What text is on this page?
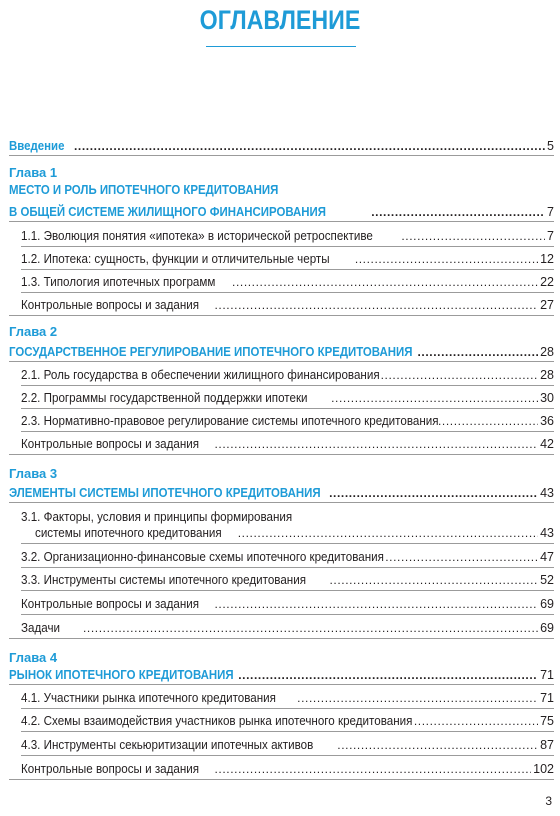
ОГЛАВЛЕНИЕ
Введение .....	5
Глава 1
МЕСТО И РОЛЬ ИПОТЕЧНОГО КРЕДИТОВАНИЯ
В ОБЩЕЙ СИСТЕМЕ ЖИЛИЩНОГО ФИНАНСИРОВАНИЯ .....	7
1.1. Эволюция понятия «ипотека» в исторической ретроспективе .....	7
1.2. Ипотека: сущность, функции и отличительные черты .....	12
1.3. Типология ипотечных программ .....	22
Контрольные вопросы и задания .....	27
Глава 2
ГОСУДАРСТВЕННОЕ РЕГУЛИРОВАНИЕ ИПОТЕЧНОГО КРЕДИТОВАНИЯ .....	28
2.1. Роль государства в обеспечении жилищного финансирования .....	28
2.2. Программы государственной поддержки ипотеки .....	30
2.3. Нормативно-правовое регулирование системы ипотечного кредитования .....	36
Контрольные вопросы и задания .....	42
Глава 3
ЭЛЕМЕНТЫ СИСТЕМЫ ИПОТЕЧНОГО КРЕДИТОВАНИЯ .....	43
3.1. Факторы, условия и принципы формирования
системы ипотечного кредитования .....	43
3.2. Организационно-финансовые схемы ипотечного кредитования .....	47
3.3. Инструменты системы ипотечного кредитования .....	52
Контрольные вопросы и задания .....	69
Задачи .....	69
Глава 4
РЫНОК ИПОТЕЧНОГО КРЕДИТОВАНИЯ .....	71
4.1. Участники рынка ипотечного кредитования .....	71
4.2. Схемы взаимодействия участников рынка ипотечного кредитования .....	75
4.3. Инструменты секьюритизации ипотечных активов .....	87
Контрольные вопросы и задания .....	102
3
